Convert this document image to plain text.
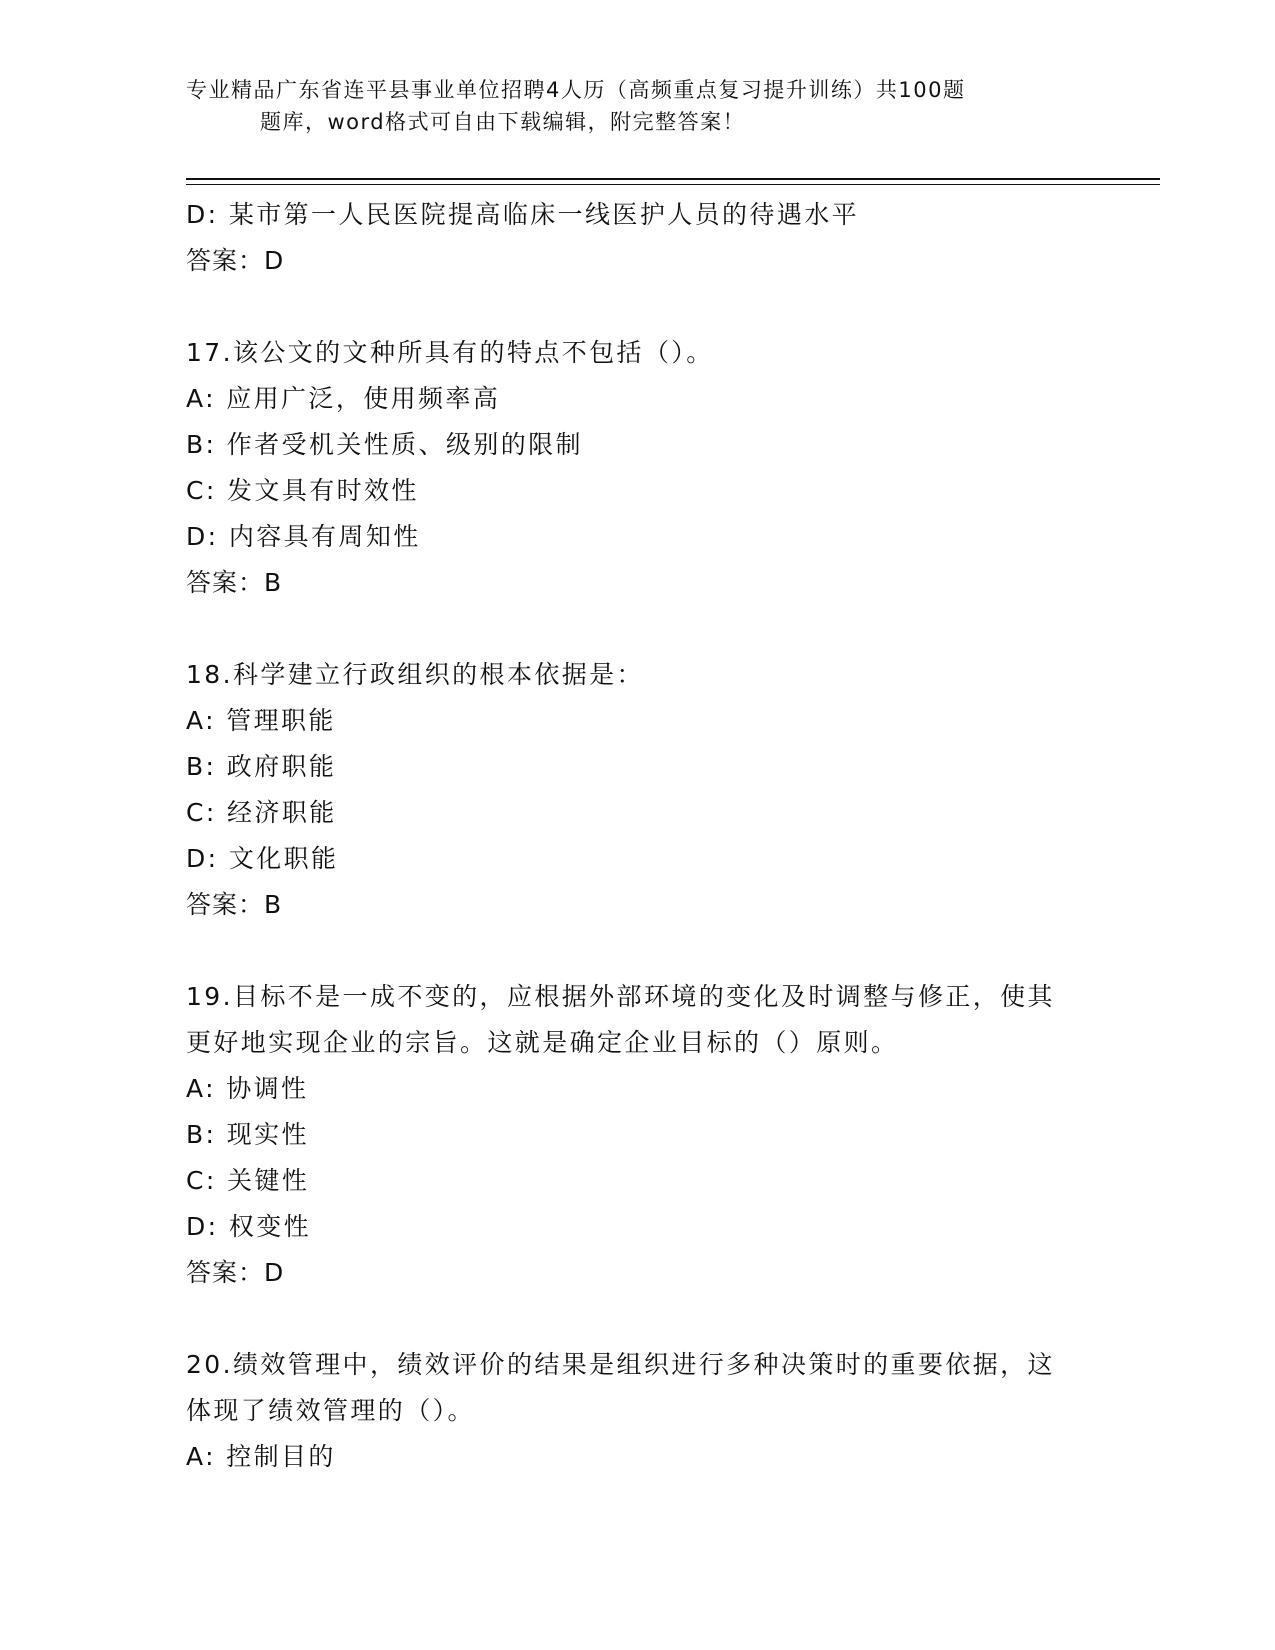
专业精品广东省连平县事业单位招聘4人历（高频重点复习提升训练）共100题
题库，word格式可自由下载编辑，附完整答案！
D: 某市第一人民医院提高临床一线医护人员的待遇水平
答案：D
17.该公文的文种所具有的特点不包括（）。
A: 应用广泛，使用频率高
B: 作者受机关性质、级别的限制
C: 发文具有时效性
D: 内容具有周知性
答案：B
18.科学建立行政组织的根本依据是：
A: 管理职能
B: 政府职能
C: 经济职能
D: 文化职能
答案：B
19.目标不是一成不变的，应根据外部环境的变化及时调整与修正，使其更好地实现企业的宗旨。这就是确定企业目标的（）原则。
A: 协调性
B: 现实性
C: 关键性
D: 权变性
答案：D
20.绩效管理中，绩效评价的结果是组织进行多种决策时的重要依据，这体现了绩效管理的（）。
A: 控制目的
